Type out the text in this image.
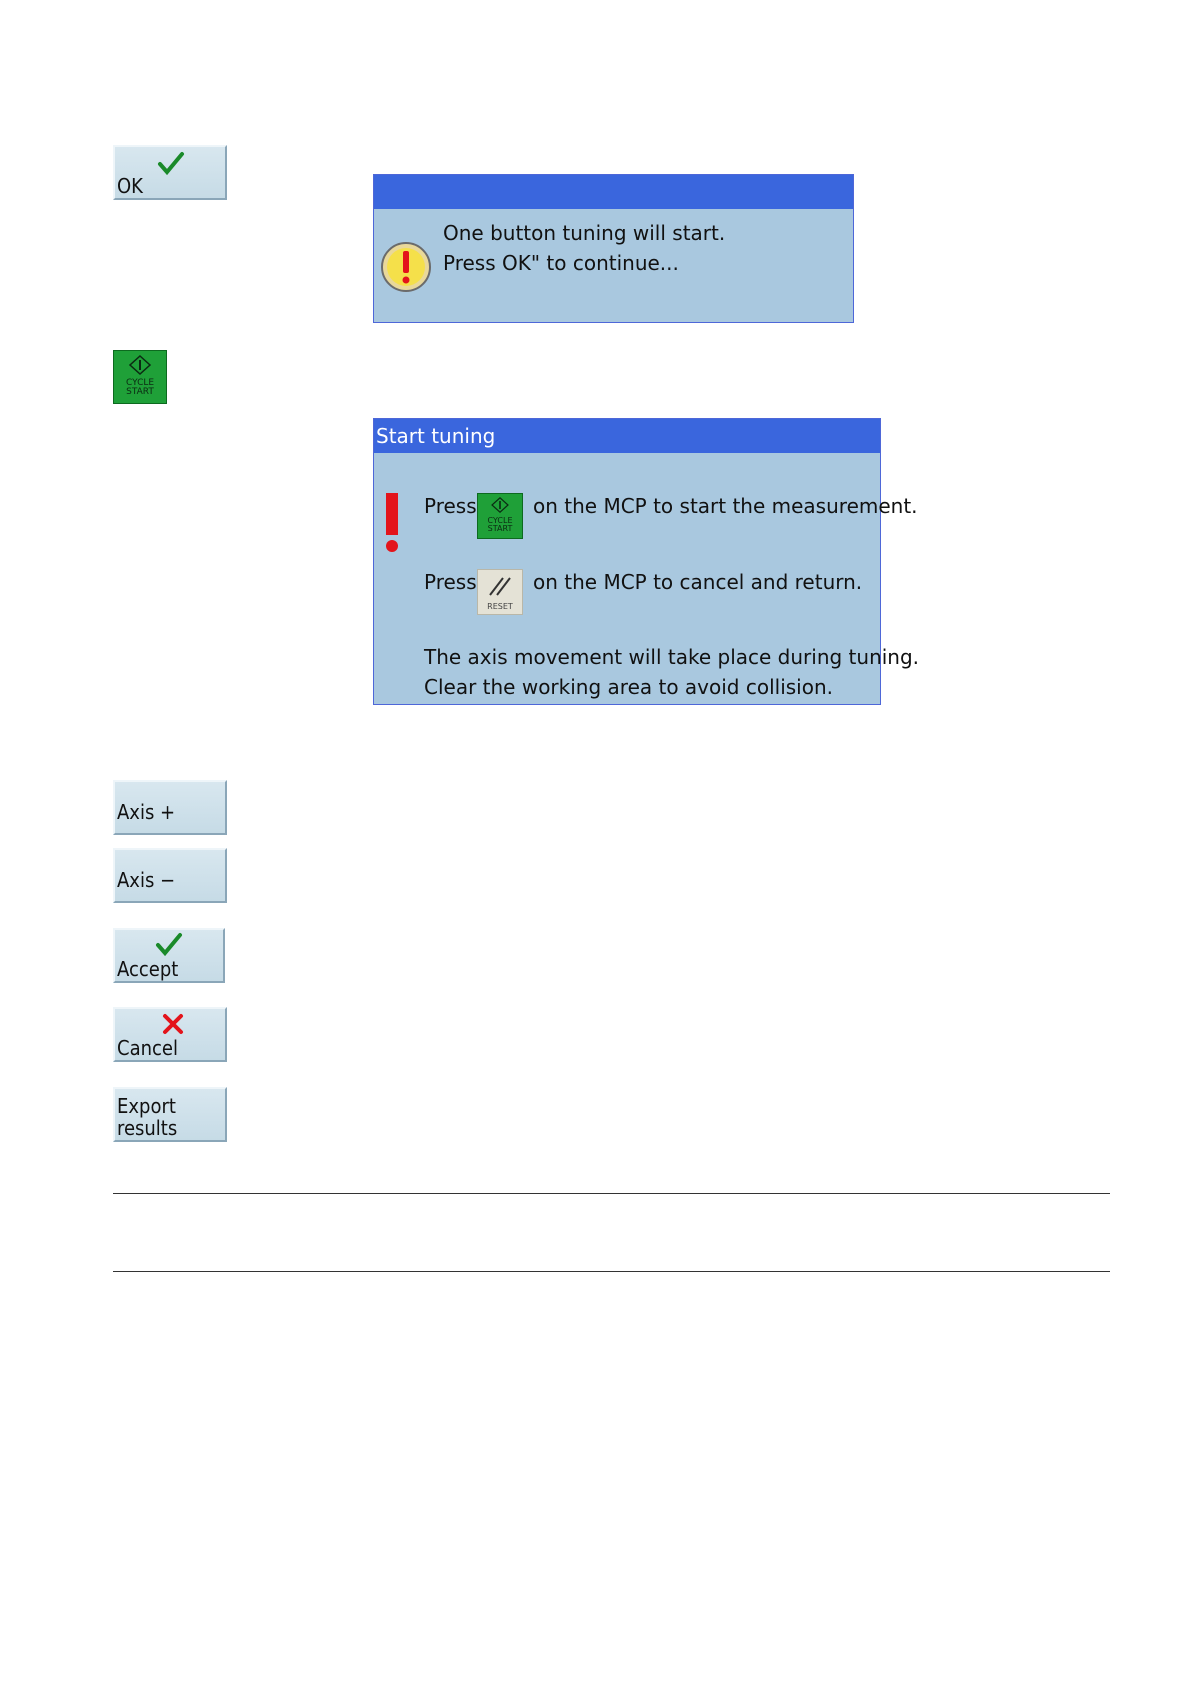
OK
One button tuning will start.
Press OK" to continue...
CYCLE
START
Start tuning
Press
CYCLE
START
on the MCP to start the measurement.
Press
RESET
on the MCP to cancel and return.
The axis movement will take place during tuning.
Clear the working area to avoid collision.
Axis +
Axis −
Accept
Cancel
Export
results
